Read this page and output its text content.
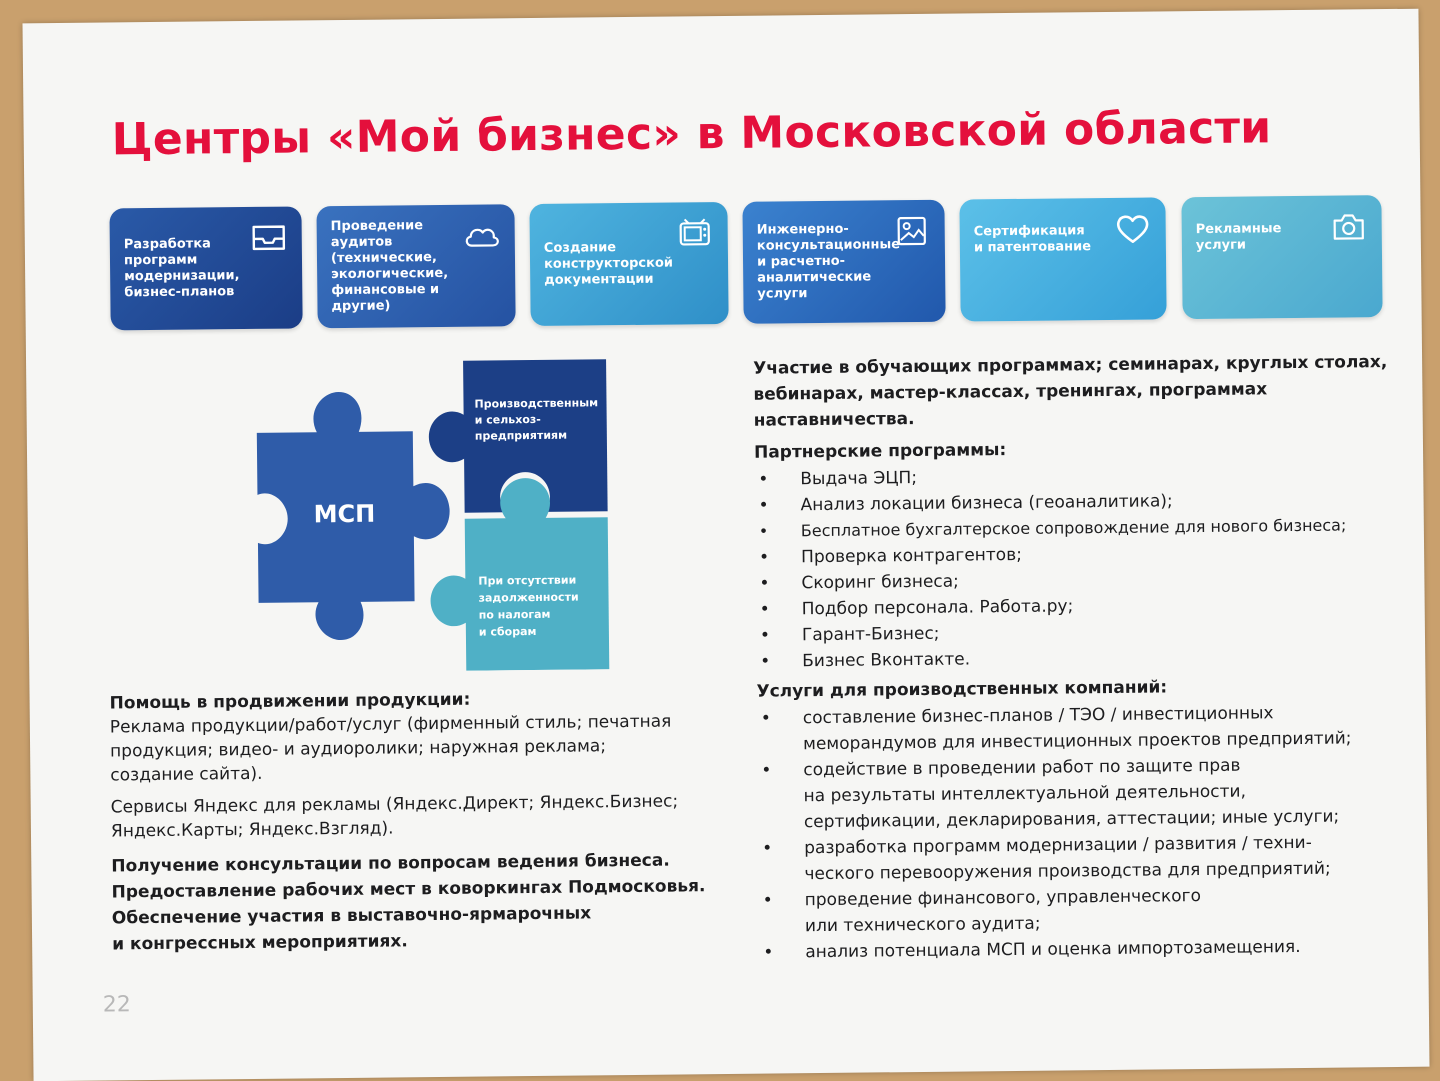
Центры «Мой бизнес» в Московской области
Разработка
программ
модернизации,
бизнес-планов
Проведение
аудитов (технические,
экологические,
финансовые и другие)
Создание
конструкторской
документации
Инженерно-
консультационные
и расчетно-
аналитические услуги
Сертификация
и патентование
Рекламные
услуги
МСП
Производственным
и сельхоз-
предприятиям
При отсутствии
задолженности
по налогам
и сборам

Помощь в продвижении продукции:

Реклама продукции/работ/услуг (фирменный стиль; печатная
продукция; видео- и аудиоролики; наружная реклама;
создание сайта).

Сервисы Яндекс для рекламы (Яндекс.Директ; Яндекс.Бизнес;
Яндекс.Карты; Яндекс.Взгляд).

Получение консультации по вопросам ведения бизнеса.
Предоставление рабочих мест в коворкингах Подмосковья.
Обеспечение участия в выставочно-ярмарочных
и конгрессных мероприятиях.

Участие в обучающих программах; семинарах, круглых столах,
вебинарах, мастер-классах, тренингах, программах
наставничества.

Партнерские программы:

• Выдача ЭЦП;
• Анализ локации бизнеса (геоаналитика);
• Бесплатное бухгалтерское сопровождение для нового бизнеса;
• Проверка контрагентов;
• Скоринг бизнеса;
• Подбор персонала. Работа.ру;
• Гарант-Бизнес;
• Бизнес Вконтакте.

Услуги для производственных компаний:

• составление бизнес-планов / ТЭО / инвестиционных
меморандумов для инвестиционных проектов предприятий;
• содействие в проведении работ по защите прав
на результаты интеллектуальной деятельности,
сертификации, декларирования, аттестации; иные услуги;
• разработка программ модернизации / развития / техни-
ческого перевооружения производства для предприятий;
• проведение финансового, управленческого
или технического аудита;
• анализ потенциала МСП и оценка импортозамещения.
22
